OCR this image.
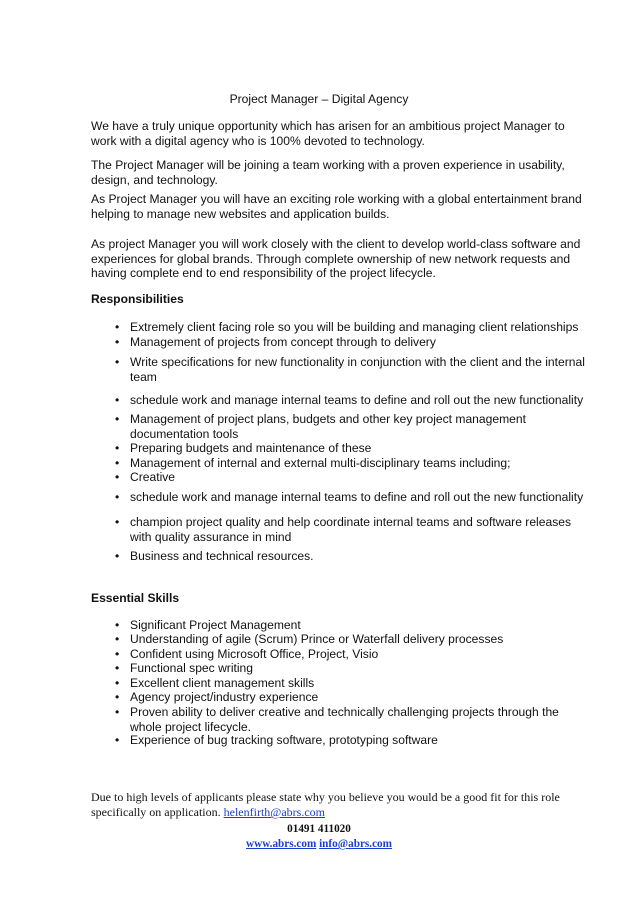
Project Manager – Digital Agency
We have a truly unique opportunity which has arisen for an ambitious project Manager to
work with a digital agency who is 100% devoted to technology.
The Project Manager will be joining a team working with a proven experience in usability,
design, and technology.
As Project Manager you will have an exciting role working with a global entertainment brand
helping to manage new websites and application builds.
As project Manager you will work closely with the client to develop world-class software and
experiences for global brands. Through complete ownership of new network requests and
having complete end to end responsibility of the project lifecycle.
Responsibilities
• Extremely client facing role so you will be building and managing client relationships
• Management of projects from concept through to delivery
• Write specifications for new functionality in conjunction with the client and the internal
team
• schedule work and manage internal teams to define and roll out the new functionality
• Management of project plans, budgets and other key project management
documentation tools
• Preparing budgets and maintenance of these
• Management of internal and external multi-disciplinary teams including;
• Creative
• schedule work and manage internal teams to define and roll out the new functionality
• champion project quality and help coordinate internal teams and software releases
with quality assurance in mind
• Business and technical resources.
Essential Skills
• Significant Project Management
• Understanding of agile (Scrum) Prince or Waterfall delivery processes
• Confident using Microsoft Office, Project, Visio
• Functional spec writing
• Excellent client management skills
• Agency project/industry experience
• Proven ability to deliver creative and technically challenging projects through the
whole project lifecycle.
• Experience of bug tracking software, prototyping software
Due to high levels of applicants please state why you believe you would be a good fit for this role
specifically on application. helenfirth@abrs.com
01491 411020
www.abrs.com info@abrs.com
